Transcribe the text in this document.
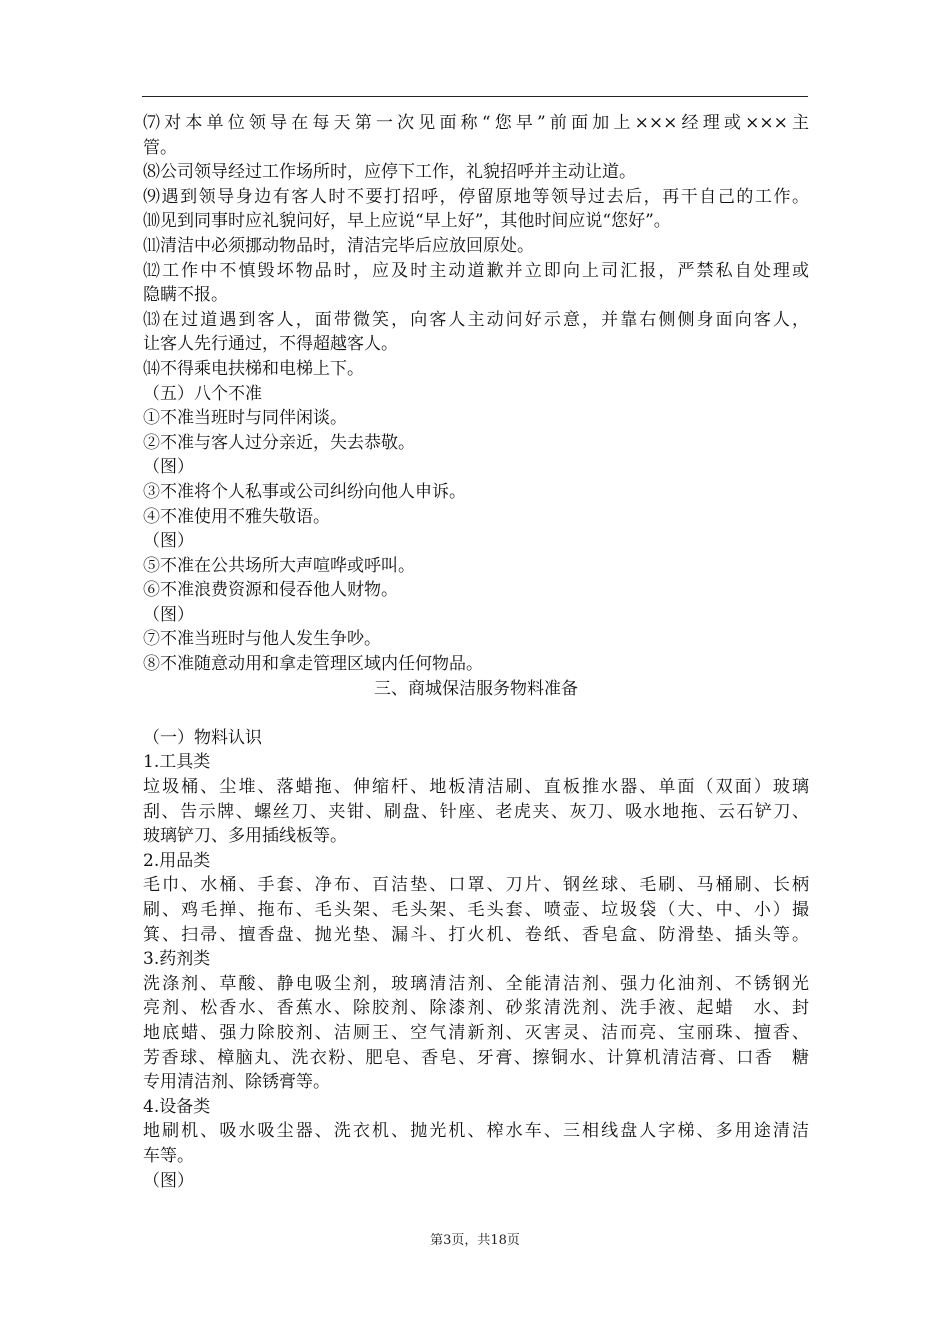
⑺对本单位领导在每天第一次见面称“您早”前面加上×××经理或×××主
管。
⑻公司领导经过工作场所时，应停下工作，礼貌招呼并主动让道。
⑼遇到领导身边有客人时不要打招呼，停留原地等领导过去后，再干自己的工作。
⑽见到同事时应礼貌问好，早上应说“早上好”，其他时间应说“您好”。
⑾清洁中必须挪动物品时，清洁完毕后应放回原处。
⑿工作中不慎毁坏物品时，应及时主动道歉并立即向上司汇报，严禁私自处理或
隐瞒不报。
⒀在过道遇到客人，面带微笑，向客人主动问好示意，并靠右侧侧身面向客人，
让客人先行通过，不得超越客人。
⒁不得乘电扶梯和电梯上下。
（五）八个不准
①不准当班时与同伴闲谈。
②不准与客人过分亲近，失去恭敬。
（图）
③不准将个人私事或公司纠纷向他人申诉。
④不准使用不雅失敬语。
（图）
⑤不准在公共场所大声喧哗或呼叫。
⑥不准浪费资源和侵吞他人财物。
（图）
⑦不准当班时与他人发生争吵。
⑧不准随意动用和拿走管理区域内任何物品。
三、商城保洁服务物料准备
（一）物料认识
1.工具类
垃圾桶、尘堆、落蜡拖、伸缩杆、地板清洁刷、直板推水器、单面（双面）玻璃
刮、告示牌、螺丝刀、夹钳、刷盘、针座、老虎夹、灰刀、吸水地拖、云石铲刀、
玻璃铲刀、多用插线板等。
2.用品类
毛巾、水桶、手套、净布、百洁垫、口罩、刀片、钢丝球、毛刷、马桶刷、长柄
刷、鸡毛掸、拖布、毛头架、毛头架、毛头套、喷壶、垃圾袋（大、中、小）撮
箕、扫帚、擅香盘、抛光垫、漏斗、打火机、卷纸、香皂盒、防滑垫、插头等。
3.药剂类
洗涤剂、草酸、静电吸尘剂，玻璃清洁剂、全能清洁剂、强力化油剂、不锈钢光
亮剂、松香水、香蕉水、除胶剂、除漆剂、砂浆清洗剂、洗手液、起蜡　水、封
地底蜡、强力除胶剂、洁厕王、空气清新剂、灭害灵、洁而亮、宝丽珠、擅香、
芳香球、樟脑丸、洗衣粉、肥皂、香皂、牙膏、擦铜水、计算机清洁膏、口香　糖
专用清洁剂、除锈膏等。
4.设备类
地刷机、吸水吸尘器、洗衣机、抛光机、榨水车、三相线盘人字梯、多用途清洁
车等。
（图）
第3页，共18页
